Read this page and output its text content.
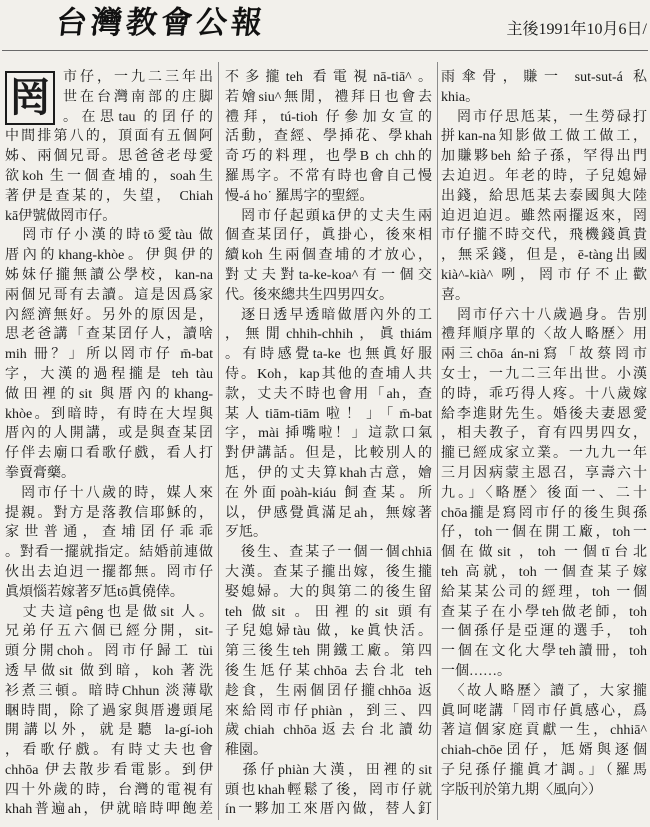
台灣教會公報	主後1991年10月6日/
罔 市仔，一九二三年出
世在台灣南部的庄脚
。在思tau 的囝仔的
中間排第八的，頂面有五個阿
姊、兩個兄哥。思爸爸老母愛
欲koh 生一個查埔的，soah生
著伊是查某的，失望， Chiah
kā伊號做罔市仔。
　罔市仔小漢的時tō愛tàu 做
厝內的khang-khòe。伊與伊的
姊妹仔攏無讀公學校，kan-na
兩個兄哥有去讀。這是因爲家
內經濟無好。另外的原因是，
思老爸講「查某囝仔人，讀啥
mih 冊？」所以罔市仔 m̄-bat
字，大漢的過程攏是 teh tàu
做田裡的sit 與厝內的khang-
khòe。到暗時，有時在大埕與
厝內的人開講，或是與查某囝
仔伴去廟口看歌仔戲，看人打
拳賣膏藥。
　罔市仔十八歲的時，媒人來
提親。對方是落教信耶穌的，
家世普通，查埔囝仔乖乖
。對看一擺就指定。結婚前連做
伙出去迫迌一擺都無。罔市仔
眞煩惱若嫁著歹尪tō眞僥倖。
　丈夫這pêng也是做sit 人。
兄弟仔五六個已經分開，sit-
頭分開choh。罔市仔歸工 tùi
透早做sit 做到暗，koh 著洗
衫煮三頓。暗時Chhun 淡薄歇
睏時間，除了過家與厝邊頭尾
開講以外，就是聽 la-gí-ioh
，看歌仔戲。有時丈夫也會
chhōa 伊去散步看電影。到伊
四十外歲的時，台灣的電視有
khah普遍ah，伊就暗時呷飽差
不多攏teh 看電視nā-tiā^。
若嬒siu^無閒，禮拜日也會去
禮拜，tú-tioh 仔參加女宣的
活動，查經、學揷花、學khah
奇巧的料理，也學B ch chh的
羅馬字。不常有時也會自己慢
慢-á ho˙ 羅馬字的聖經。
　罔市仔起頭kā伊的丈夫生兩
個查某囝仔，眞掛心，後來相
續koh 生兩個查埔的才放心，
對丈夫對ta-ke-koa^有一個交
代。後來總共生四男四女。
　逐日透早透暗做厝內外的工
，無閒chhih-chhih，眞thiám
。有時感覺ta-ke 也無眞好服
侍。Koh，kap其他的查埔人共
款，丈夫不時也會用「ah，查
某人tiām-tiām啦！」「m̄-bat
字，mài 揷嘴啦！」這款口氣
對伊講話。但是，比較別人的
尪，伊的丈夫算khah古意，嬒
在外面poàh-kiáu 飼查某。所
以，伊感覺眞滿足ah，無嫁著
歹尪。
　後生、查某子一個一個chhiā
大漢。查某子攏出嫁，後生攏
娶媳婦。大的與第二的後生留
teh 做sit 。田裡的sit 頭有
子兒媳婦tàu 做，ke眞快活。
第三後生teh 開鐵工廠。第四
後生尪仔某chhōa 去台北 teh
趁食，生兩個囝仔攏chhōa 返
來給罔市仔phiàn ，到三、四
歲chiah chhōa返去台北讀幼
稚園。
　孫仔phiàn大漢，田裡的sit
頭也khah輕鬆了後，罔市仔就
ín一夥加工來厝內做，替人釘
雨傘骨，賺一 sut-sut-á 私
khia。
　罔市仔思尪某，一生勞碌打
拼kan-na知影做工做工做工，
加賺夥beh 給子孫，罕得出門
去迫迌。年老的時，子兒媳婦
出錢，給思尪某去泰國與大陸
迫迌迫迌。雖然兩擺返來，罔
市仔攏不時交代，飛機錢眞貴
，無采錢，但是，ē-tàng出國
kià^-kià^ 咧，罔市仔不止歡
喜。
　罔市仔六十八歲過身。告別
禮拜順序單的〈故人略歷〉用
兩三chōa án-ni寫「故蔡罔市
女士，一九二三年出世。小漢
的時，乖巧得人疼。十八歲嫁
給李進財先生。婚後夫妻恩愛
，相夫教子，育有四男四女，
攏已經成家立業。一九九一年
三月因病蒙主恩召，享壽六十
九。」〈略歷〉後面一、二十
chōa攏是寫罔市仔的後生與孫
仔，toh一個在開工廠，toh一
個在做sit ，toh 一個tī台北
teh 高就，toh 一個查某子嫁
給某某公司的經理，toh 一個
查某子在小學teh做老師，toh
一個孫仔是亞運的選手， toh
一個在文化大學teh讀冊，toh
一個……。
　〈故人略歷〉讀了，大家攏
眞呵咾講「罔市仔眞感心，爲
著這個家庭貢獻一生，chhiā^
chiah-chōe囝仔，尪婿與逐個
子兒孫仔攏眞才調。」（羅馬
字版刊於第九期〈風向〉）
